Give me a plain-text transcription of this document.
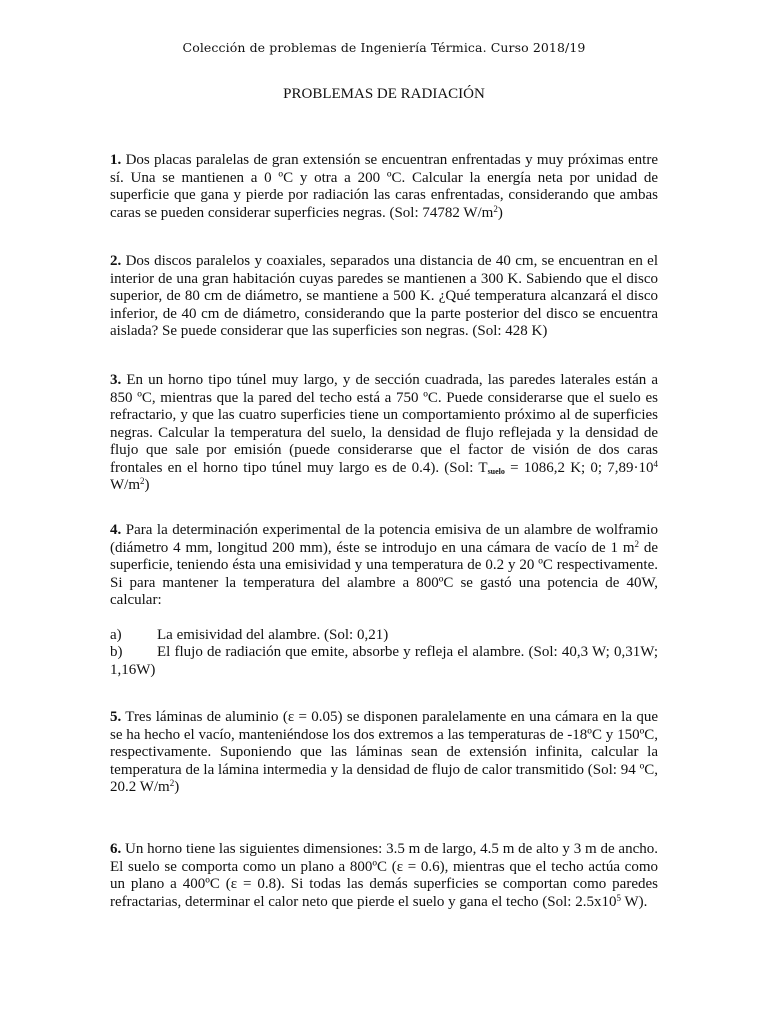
Colección de problemas de Ingeniería Térmica. Curso 2018/19
PROBLEMAS DE RADIACIÓN
1. Dos placas paralelas de gran extensión se encuentran enfrentadas y muy próximas entre sí. Una se mantienen a 0 ºC y otra a 200 ºC. Calcular la energía neta por unidad de superficie que gana y pierde por radiación las caras enfrentadas, considerando que ambas caras se pueden considerar superficies negras. (Sol: 74782 $W/m^2$)
2. Dos discos paralelos y coaxiales, separados una distancia de 40 cm, se encuentran en el interior de una gran habitación cuyas paredes se mantienen a 300 K. Sabiendo que el disco superior, de 80 cm de diámetro, se mantiene a 500 K. ¿Qué temperatura alcanzará el disco inferior, de 40 cm de diámetro, considerando que la parte posterior del disco se encuentra aislada? Se puede considerar que las superficies son negras. (Sol: 428 K)
3. En un horno tipo túnel muy largo, y de sección cuadrada, las paredes laterales están a 850 ºC, mientras que la pared del techo está a 750 ºC. Puede considerarse que el suelo es refractario, y que las cuatro superficies tiene un comportamiento próximo al de superficies negras. Calcular la temperatura del suelo, la densidad de flujo reflejada y la densidad de flujo que sale por emisión (puede considerarse que el factor de visión de dos caras frontales en el horno tipo túnel muy largo es de 0.4). (Sol: $T_{suelo} = 1086,2$ K; 0; $7,89\cdot 10^4$ $W/m^2$)
4. Para la determinación experimental de la potencia emisiva de un alambre de wolframio (diámetro 4 mm, longitud 200 mm), éste se introdujo en una cámara de vacío de 1 $m^2$ de superficie, teniendo ésta una emisividad y una temperatura de 0.2 y 20 ºC respectivamente. Si para mantener la temperatura del alambre a 800ºC se gastó una potencia de 40W, calcular:
a)	La emisividad del alambre. (Sol: 0,21)
b) El flujo de radiación que emite, absorbe y refleja el alambre. (Sol: 40,3 W; 0,31W; 1,16W)
5. Tres láminas de aluminio (ε = 0.05) se disponen paralelamente en una cámara en la que se ha hecho el vacío, manteniéndose los dos extremos a las temperaturas de -18ºC y 150ºC, respectivamente. Suponiendo que las láminas sean de extensión infinita, calcular la temperatura de la lámina intermedia y la densidad de flujo de calor transmitido (Sol: 94 ºC, 20.2 $W/m^2$)
6. Un horno tiene las siguientes dimensiones: 3.5 m de largo, 4.5 m de alto y 3 m de ancho. El suelo se comporta como un plano a 800ºC (ε = 0.6), mientras que el techo actúa como un plano a 400ºC (ε = 0.8). Si todas las demás superficies se comportan como paredes refractarias, determinar el calor neto que pierde el suelo y gana el techo (Sol: $2.5x10^5$ W).
